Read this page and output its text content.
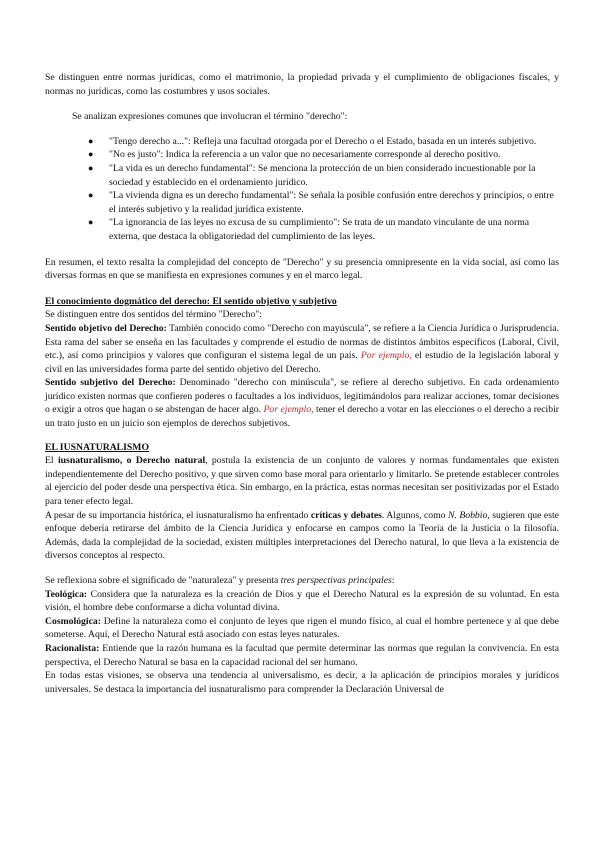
Se distinguen entre normas jurídicas, como el matrimonio, la propiedad privada y el cumplimiento de obligaciones fiscales, y normas no jurídicas, como las costumbres y usos sociales.

Se analizan expresiones comunes que involucran el término "derecho":

● "Tengo derecho a...": Refleja una facultad otorgada por el Derecho o el Estado, basada en un interés subjetivo.
● "No es justo": Indica la referencia a un valor que no necesariamente corresponde al derecho positivo.
● "La vida es un derecho fundamental": Se menciona la protección de un bien considerado incuestionable por la sociedad y establecido en el ordenamiento jurídico.
● "La vivienda digna es un derecho fundamental": Se señala la posible confusión entre derechos y principios, o entre el interés subjetivo y la realidad jurídica existente.
● "La ignorancia de las leyes no excusa de su cumplimiento": Se trata de un mandato vinculante de una norma externa, que destaca la obligatoriedad del cumplimiento de las leyes.

En resumen, el texto resalta la complejidad del concepto de "Derecho" y su presencia omnipresente en la vida social, así como las diversas formas en que se manifiesta en expresiones comunes y en el marco legal.

El conocimiento dogmático del derecho: El sentido objetivo y subjetivo

Se distinguen entre dos sentidos del término "Derecho":

Sentido objetivo del Derecho: También conocido como "Derecho con mayúscula", se refiere a la Ciencia Jurídica o Jurisprudencia. Esta rama del saber se enseña en las facultades y comprende el estudio de normas de distintos ámbitos específicos (Laboral, Civil, etc.), así como principios y valores que configuran el sistema legal de un país. Por ejemplo, el estudio de la legislación laboral y civil en las universidades forma parte del sentido objetivo del Derecho.

Sentido subjetivo del Derecho: Denominado "derecho con minúscula", se refiere al derecho subjetivo. En cada ordenamiento jurídico existen normas que confieren poderes o facultades a los individuos, legitimándolos para realizar acciones, tomar decisiones o exigir a otros que hagan o se abstengan de hacer algo. Por ejemplo, tener el derecho a votar en las elecciones o el derecho a recibir un trato justo en un juicio son ejemplos de derechos subjetivos.

EL IUSNATURALISMO

El iusnaturalismo, o Derecho natural, postula la existencia de un conjunto de valores y normas fundamentales que existen independientemente del Derecho positivo, y que sirven como base moral para orientarlo y limitarlo. Se pretende establecer controles al ejercicio del poder desde una perspectiva ética. Sin embargo, en la práctica, estas normas necesitan ser positivizadas por el Estado para tener efecto legal.

A pesar de su importancia histórica, el iusnaturalismo ha enfrentado críticas y debates. Algunos, como N. Bobbio, sugieren que este enfoque debería retirarse del ámbito de la Ciencia Jurídica y enfocarse en campos como la Teoría de la Justicia o la filosofía. Además, dada la complejidad de la sociedad, existen múltiples interpretaciones del Derecho natural, lo que lleva a la existencia de diversos conceptos al respecto.

Se reflexiona sobre el significado de "naturaleza" y presenta tres perspectivas principales:

Teológica: Considera que la naturaleza es la creación de Dios y que el Derecho Natural es la expresión de su voluntad. En esta visión, el hombre debe conformarse a dicha voluntad divina.

Cosmológica: Define la naturaleza como el conjunto de leyes que rigen el mundo físico, al cual el hombre pertenece y al que debe someterse. Aquí, el Derecho Natural está asociado con estas leyes naturales.

Racionalista: Entiende que la razón humana es la facultad que permite determinar las normas que regulan la convivencia. En esta perspectiva, el Derecho Natural se basa en la capacidad racional del ser humano.

En todas estas visiones, se observa una tendencia al universalismo, es decir, a la aplicación de principios morales y jurídicos universales. Se destaca la importancia del iusnaturalismo para comprender la Declaración Universal de
